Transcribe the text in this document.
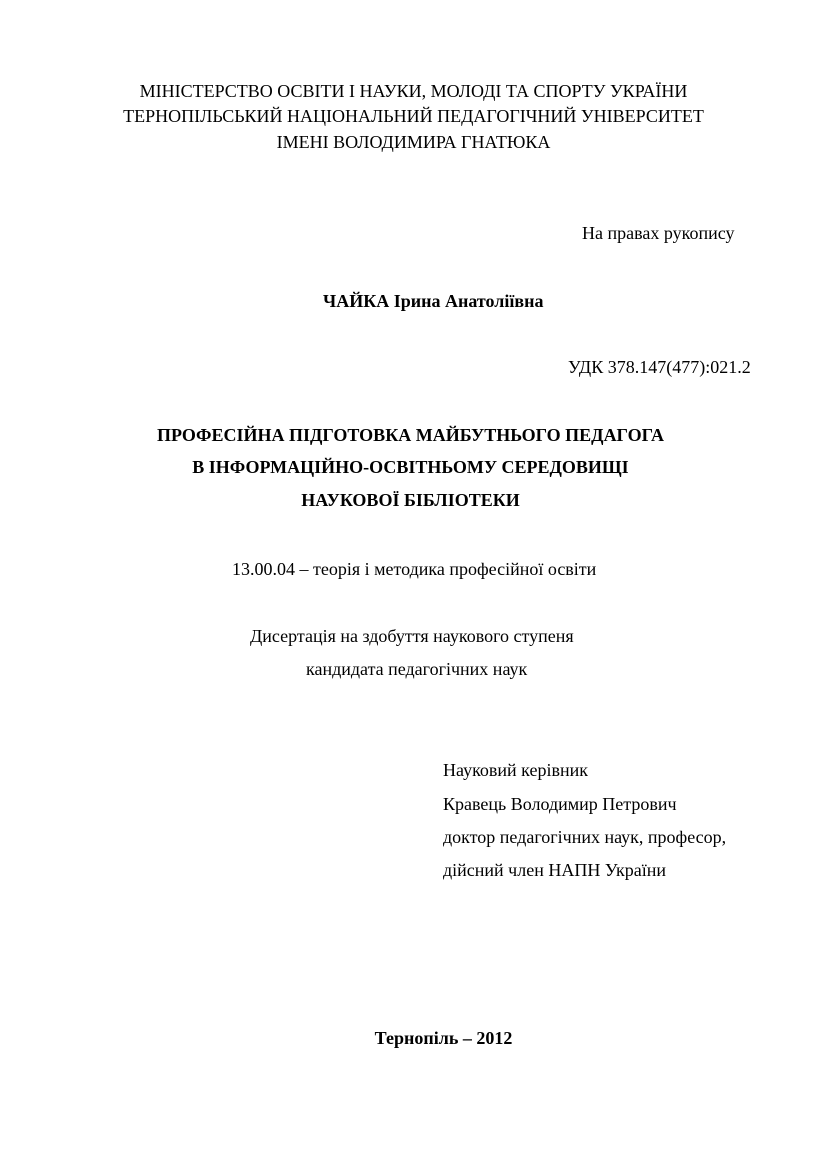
МІНІСТЕРСТВО ОСВІТИ І НАУКИ, МОЛОДІ ТА СПОРТУ УКРАЇНИ
ТЕРНОПІЛЬСЬКИЙ НАЦІОНАЛЬНИЙ ПЕДАГОГІЧНИЙ УНІВЕРСИТЕТ
ІМЕНІ ВОЛОДИМИРА ГНАТЮКА
На правах рукопису
ЧАЙКА Ірина Анатоліївна
УДК 378.147(477):021.2
ПРОФЕСІЙНА ПІДГОТОВКА МАЙБУТНЬОГО ПЕДАГОГА
В ІНФОРМАЦІЙНО-ОСВІТНЬОМУ СЕРЕДОВИЩІ
НАУКОВОЇ БІБЛІОТЕКИ
13.00.04 – теорія і методика професійної освіти
Дисертація на здобуття наукового ступеня
кандидата педагогічних наук
Науковий керівник
Кравець Володимир Петрович
доктор педагогічних наук, професор,
дійсний член НАПН України
Тернопіль – 2012
